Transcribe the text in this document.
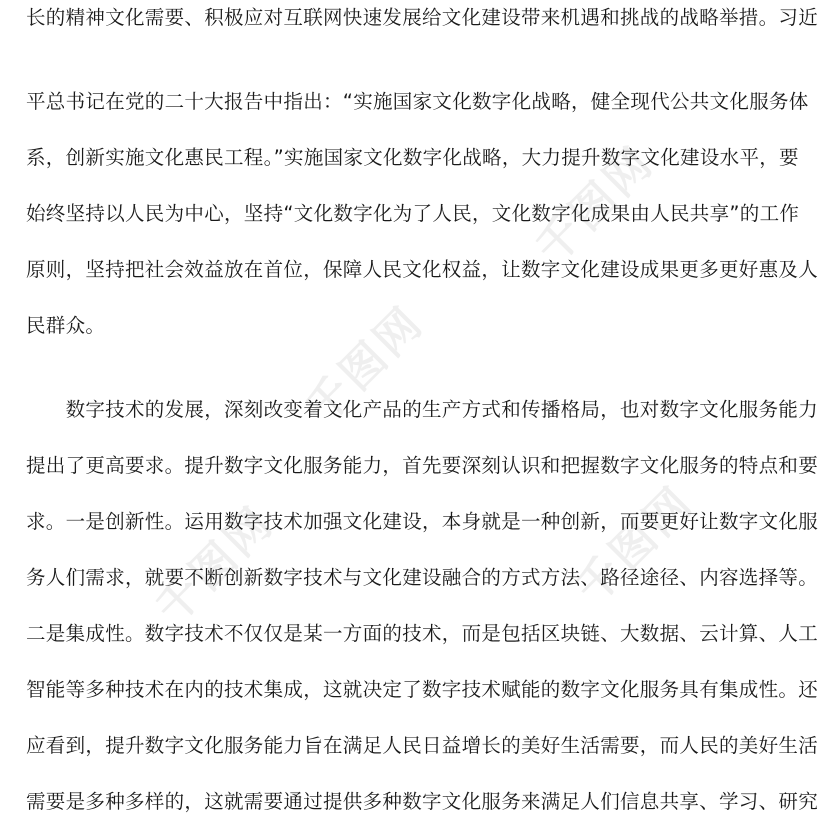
千图网
千图网
千图网	千图网
长的精神文化需要、积极应对互联网快速发展给文化建设带来机遇和挑战的战略举措。习近
平总书记在党的二十大报告中指出：“实施国家文化数字化战略，健全现代公共文化服务体
系，创新实施文化惠民工程。”实施国家文化数字化战略，大力提升数字文化建设水平，要
始终坚持以人民为中心，坚持“文化数字化为了人民，文化数字化成果由人民共享”的工作
原则，坚持把社会效益放在首位，保障人民文化权益，让数字文化建设成果更多更好惠及人
民群众。
　　数字技术的发展，深刻改变着文化产品的生产方式和传播格局，也对数字文化服务能力
提出了更高要求。提升数字文化服务能力，首先要深刻认识和把握数字文化服务的特点和要
求。一是创新性。运用数字技术加强文化建设，本身就是一种创新，而要更好让数字文化服
务人们需求，就要不断创新数字技术与文化建设融合的方式方法、路径途径、内容选择等。
二是集成性。数字技术不仅仅是某一方面的技术，而是包括区块链、大数据、云计算、人工
智能等多种技术在内的技术集成，这就决定了数字技术赋能的数字文化服务具有集成性。还
应看到，提升数字文化服务能力旨在满足人民日益增长的美好生活需要，而人民的美好生活
需要是多种多样的，这就需要通过提供多种数字文化服务来满足人们信息共享、学习、研究
